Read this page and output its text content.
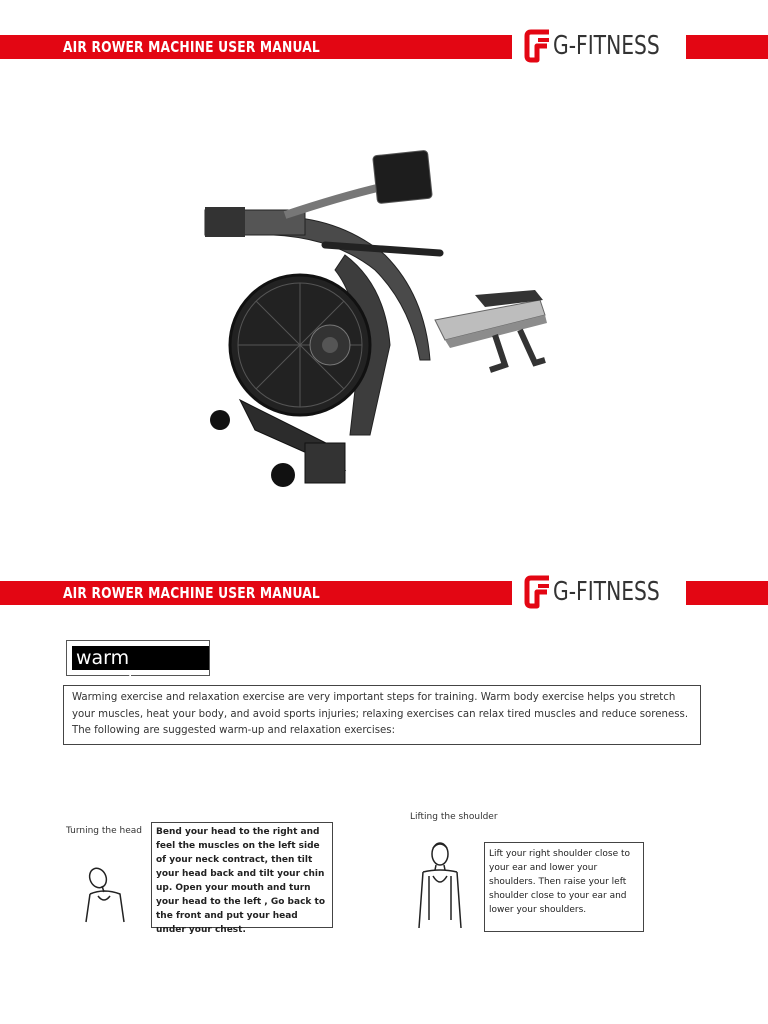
AIR ROWER MACHINE USER MANUAL	G-FITNESS
AIR ROWER MACHINE USER MANUAL	G-FITNESS
warm exercise
Warming exercise and relaxation exercise are very important steps for training. Warm body exercise helps you stretch your muscles, heat your body, and avoid sports injuries; relaxing exercises can relax tired muscles and reduce soreness. The following are suggested warm-up and relaxation exercises:
Turning the head	Bend your head to the right and feel the muscles on the left side of your neck contract, then tilt your head back and tilt your chin up. Open your mouth and turn your head to the left , Go back to the front and put your head under your chest.
Lifting the shoulder
Lift your right shoulder close to your ear and lower your shoulders. Then raise your left shoulder close to your ear and lower your shoulders.
